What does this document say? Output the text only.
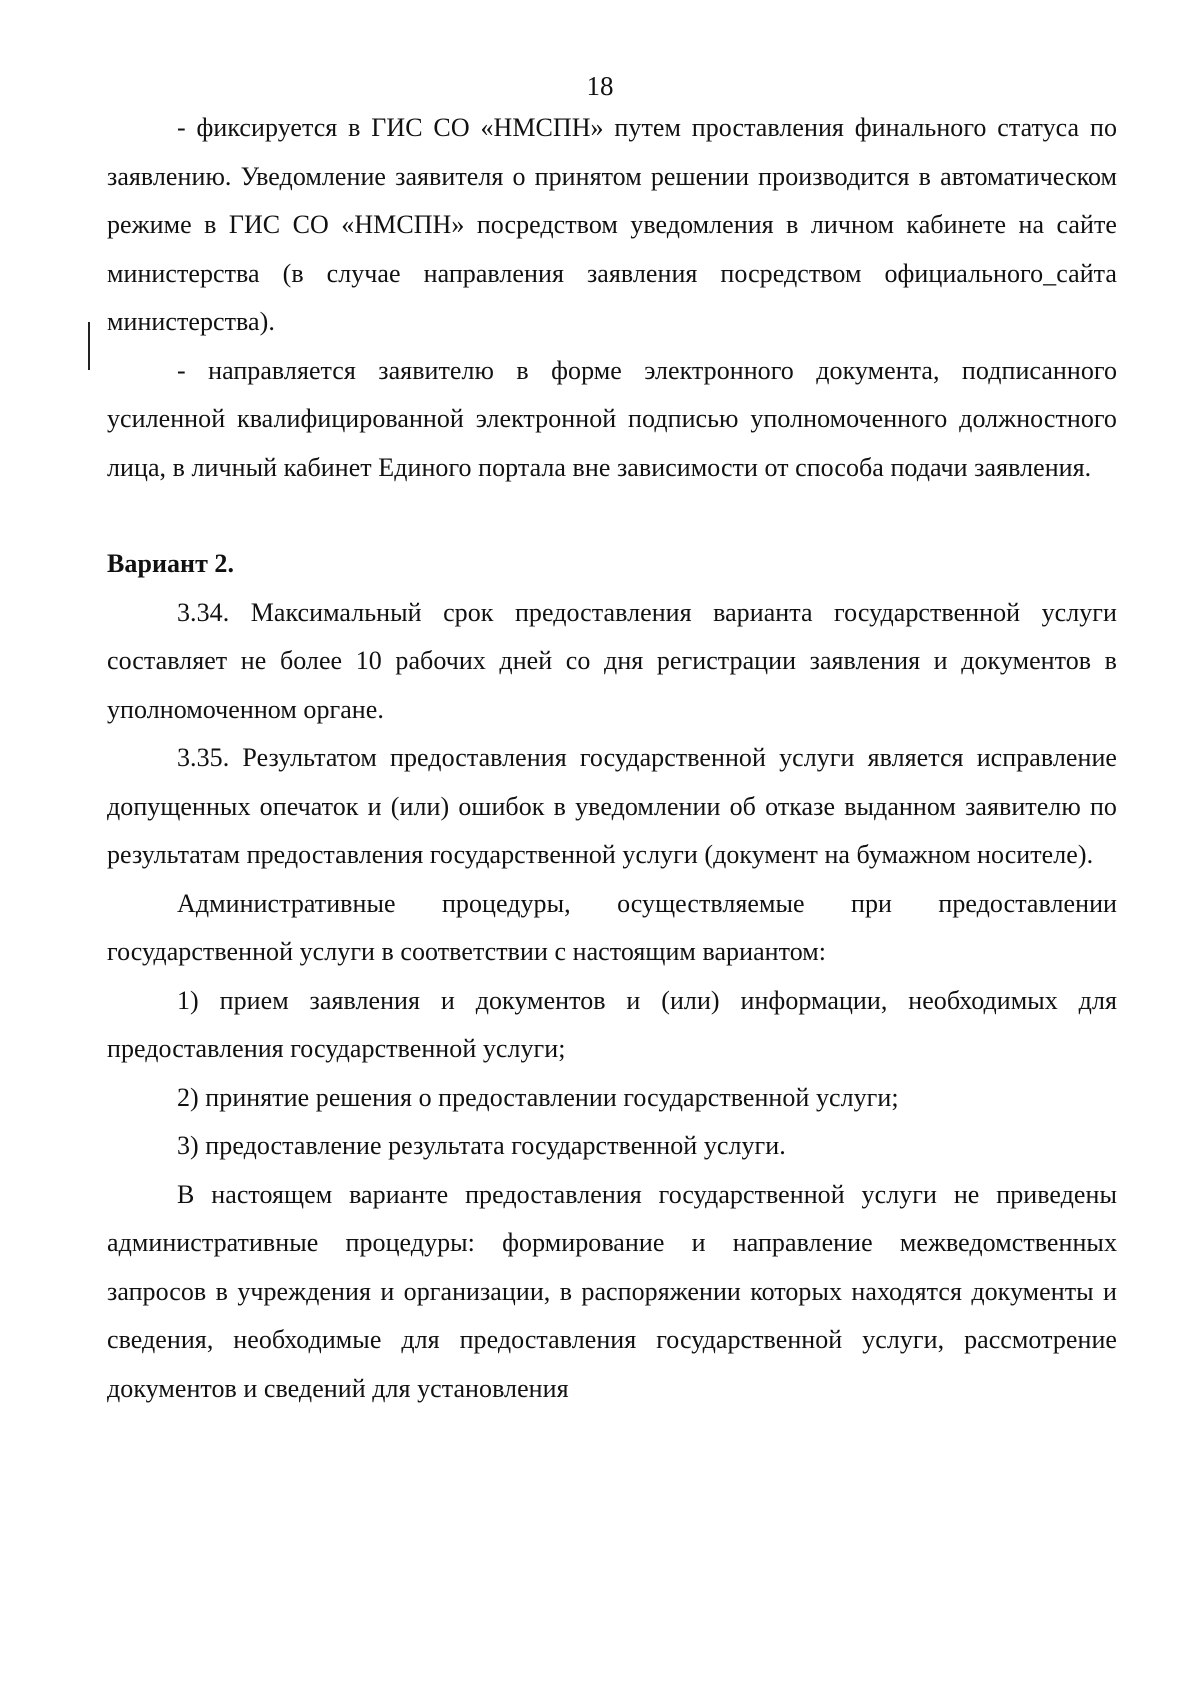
18

- фиксируется в ГИС СО «НМСПН» путем проставления финального статуса по заявлению. Уведомление заявителя о принятом решении производится в автоматическом режиме в ГИС СО «НМСПН» посредством уведомления в личном кабинете на сайте министерства (в случае направления заявления посредством официального_сайта министерства).

- направляется заявителю в форме электронного документа, подписанного усиленной квалифицированной электронной подписью уполномоченного должностного лица, в личный кабинет Единого портала вне зависимости от способа подачи заявления.

Вариант 2.

3.34. Максимальный срок предоставления варианта государственной услуги составляет не более 10 рабочих дней со дня регистрации заявления и документов в уполномоченном органе.

3.35. Результатом предоставления государственной услуги является исправление допущенных опечаток и (или) ошибок в уведомлении об отказе выданном заявителю по результатам предоставления государственной услуги (документ на бумажном носителе).

Административные процедуры, осуществляемые при предоставлении государственной услуги в соответствии с настоящим вариантом:

1) прием заявления и документов и (или) информации, необходимых для предоставления государственной услуги;

2) принятие решения о предоставлении государственной услуги;

3) предоставление результата государственной услуги.

В настоящем варианте предоставления государственной услуги не приведены административные процедуры: формирование и направление межведомственных запросов в учреждения и организации, в распоряжении которых находятся документы и сведения, необходимые для предоставления государственной услуги, рассмотрение документов и сведений для установления
